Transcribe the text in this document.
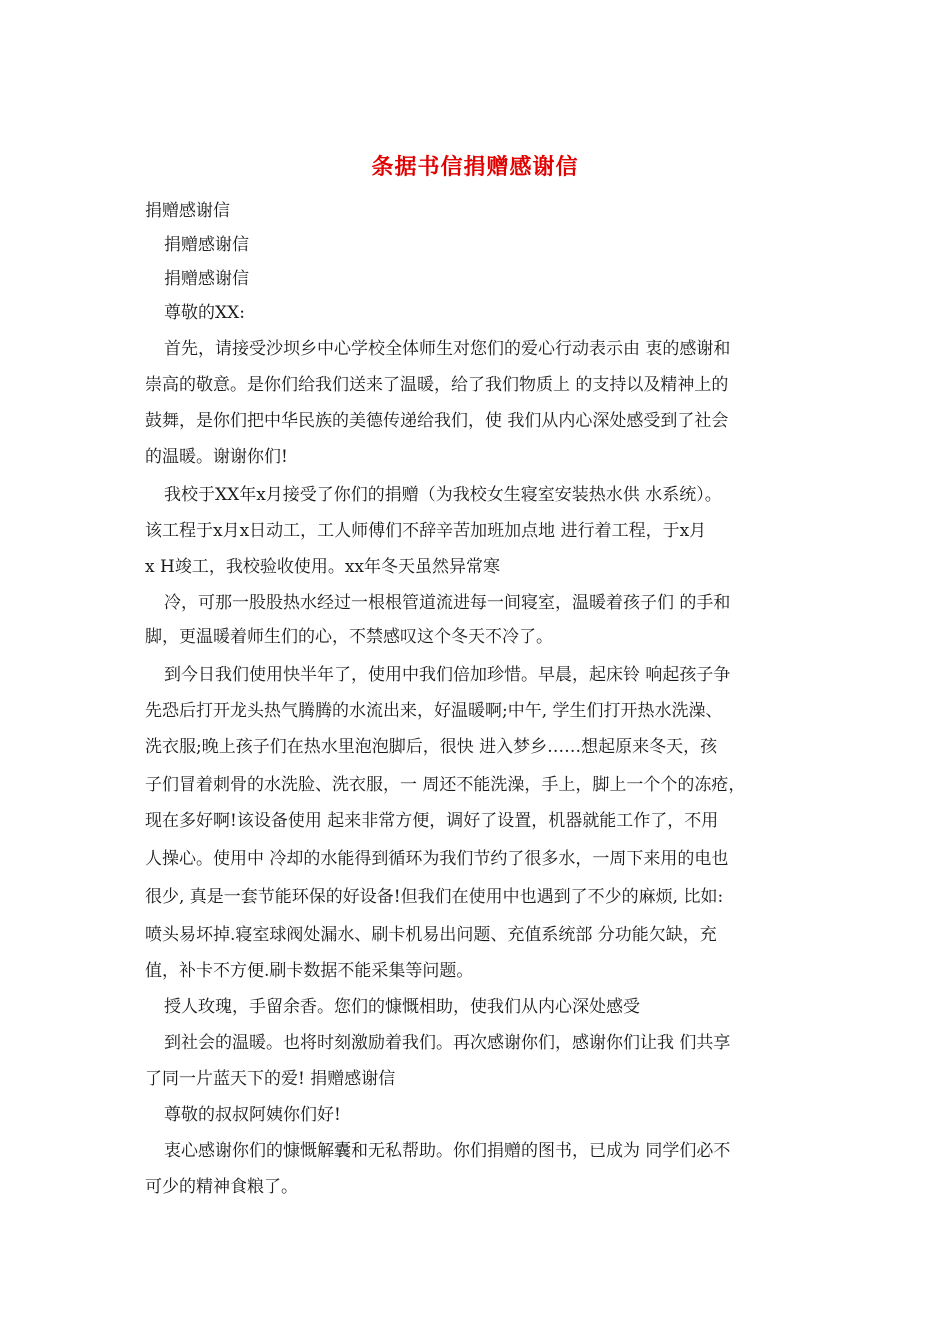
条据书信捐赠感谢信
捐赠感谢信
捐赠感谢信
捐赠感谢信
尊敬的XX:
首先，请接受沙坝乡中心学校全体师生对您们的爱心行动表示由 衷的感谢和
崇高的敬意。是你们给我们送来了温暖，给了我们物质上 的支持以及精神上的
鼓舞，是你们把中华民族的美德传递给我们，使 我们从内心深处感受到了社会
的温暖。谢谢你们!
我校于XX年x月接受了你们的捐赠（为我校女生寝室安装热水供 水系统）。
该工程于x月x日动工，工人师傅们不辞辛苦加班加点地 进行着工程，于x月
x H竣工，我校验收使用。xx年冬天虽然异常寒
冷，可那一股股热水经过一根根管道流进每一间寝室，温暖着孩子们 的手和
脚，更温暖着师生们的心，不禁感叹这个冬天不冷了。
到今日我们使用快半年了，使用中我们倍加珍惜。早晨，起床铃 响起孩子争
先恐后打开龙头热气腾腾的水流出来，好温暖啊;中午, 学生们打开热水洗澡、
洗衣服;晚上孩子们在热水里泡泡脚后，很快 进入梦乡……想起原来冬天，孩
子们冒着刺骨的水洗脸、洗衣服，一 周还不能洗澡，手上，脚上一个个的冻疮，
现在多好啊!该设备使用 起来非常方便，调好了设置，机器就能工作了，不用
人操心。使用中 冷却的水能得到循环为我们节约了很多水，一周下来用的电也
很少, 真是一套节能环保的好设备!但我们在使用中也遇到了不少的麻烦, 比如:
喷头易坏掉.寝室球阀处漏水、刷卡机易出问题、充值系统部 分功能欠缺，充
值，补卡不方便.刷卡数据不能采集等问题。
授人玫瑰，手留余香。您们的慷慨相助，使我们从内心深处感受
到社会的温暖。也将时刻激励着我们。再次感谢你们，感谢你们让我 们共享
了同一片蓝天下的爱! 捐赠感谢信
尊敬的叔叔阿姨你们好!
衷心感谢你们的慷慨解囊和无私帮助。你们捐赠的图书，已成为 同学们必不
可少的精神食粮了。
